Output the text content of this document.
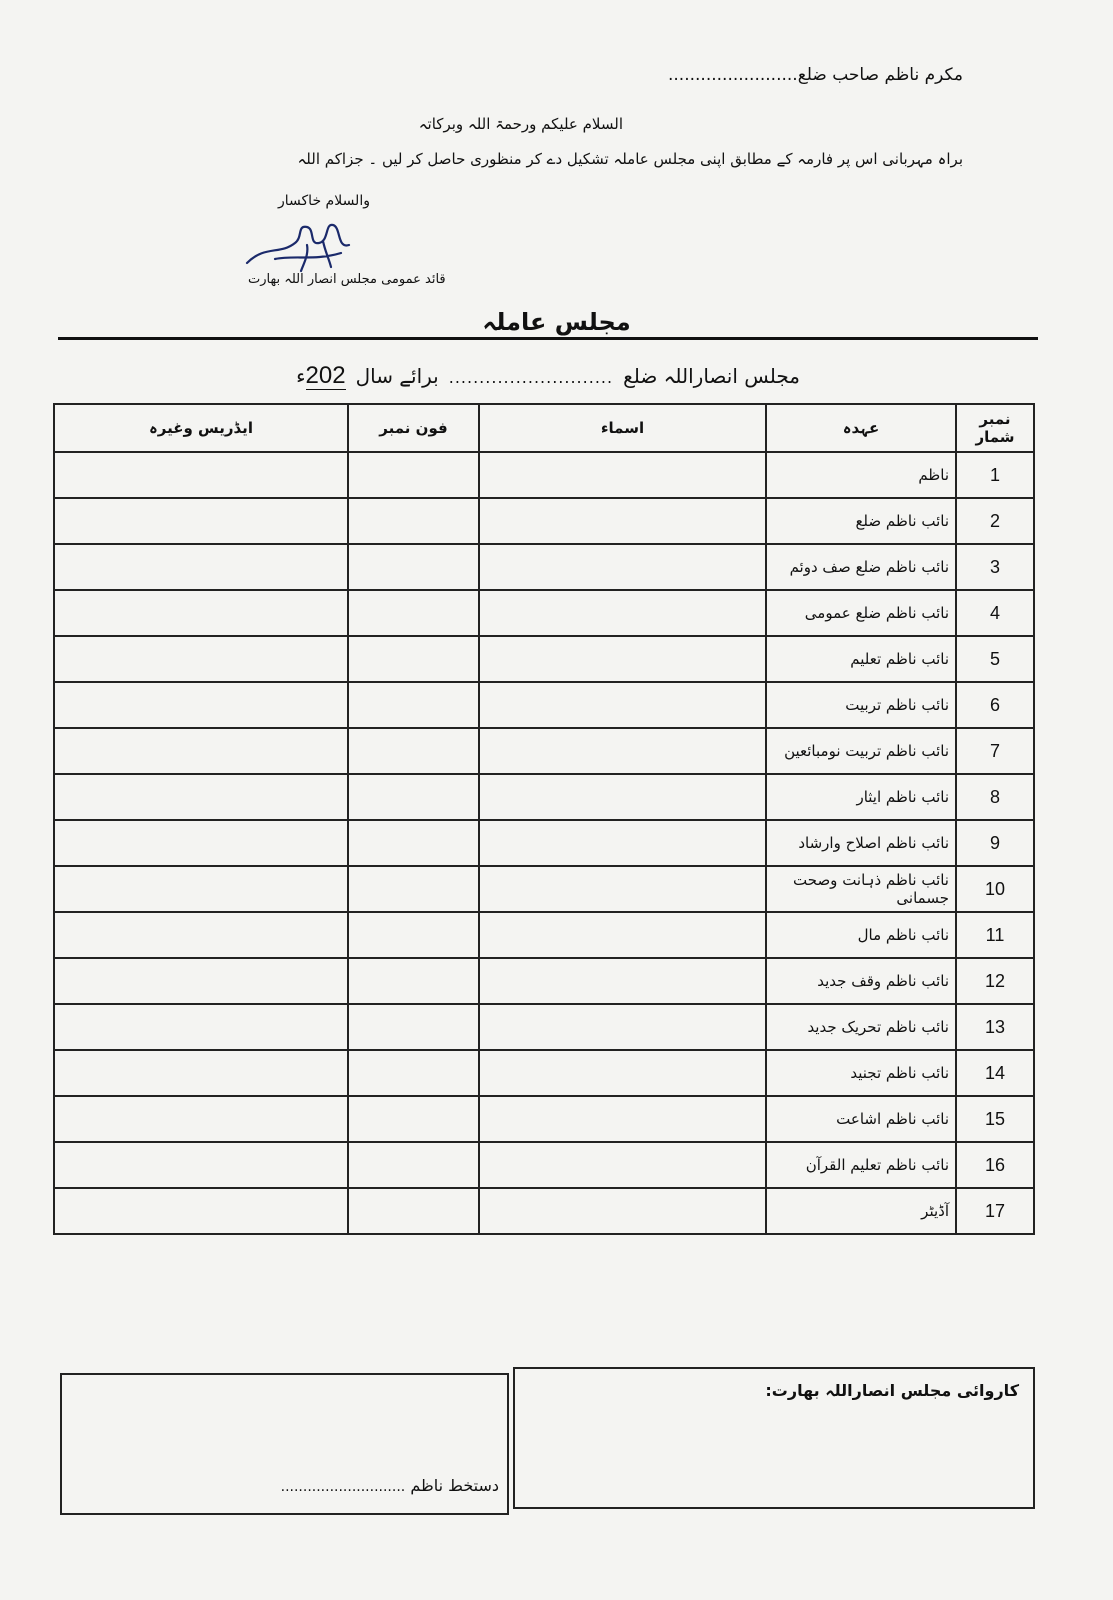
مکرم ناظم صاحب ضلع........................
السلام علیکم ورحمۃ اللہ وبرکاتہ
براہ مہربانی اس پر فارمہ کے مطابق اپنی مجلس عاملہ تشکیل دے کر منظوری حاصل کر لیں ۔ جزاکم اللہ
والسلام خاکسار
قائد عمومی مجلس انصار اللہ بھارت
مجلس عاملہ
مجلس انصاراللہ ضلع
...........................
برائے سال
202ء
نمبر شمار	عہدہ	اسماء	فون نمبر	ایڈریس وغیرہ
1	ناظم			
2	نائب ناظم ضلع			
3	نائب ناظم ضلع صف دوئم			
4	نائب ناظم ضلع عمومی			
5	نائب ناظم تعلیم			
6	نائب ناظم تربیت			
7	نائب ناظم تربیت نومبائعین			
8	نائب ناظم ایثار			
9	نائب ناظم اصلاح وارشاد			
10	نائب ناظم ذہانت وصحت جسمانی			
11	نائب ناظم مال			
12	نائب ناظم وقف جدید			
13	نائب ناظم تحریک جدید			
14	نائب ناظم تجنید			
15	نائب ناظم اشاعت			
16	نائب ناظم تعلیم القرآن			
17	آڈیٹر			
کاروائی مجلس انصاراللہ بھارت:
دستخط ناظم ............................
